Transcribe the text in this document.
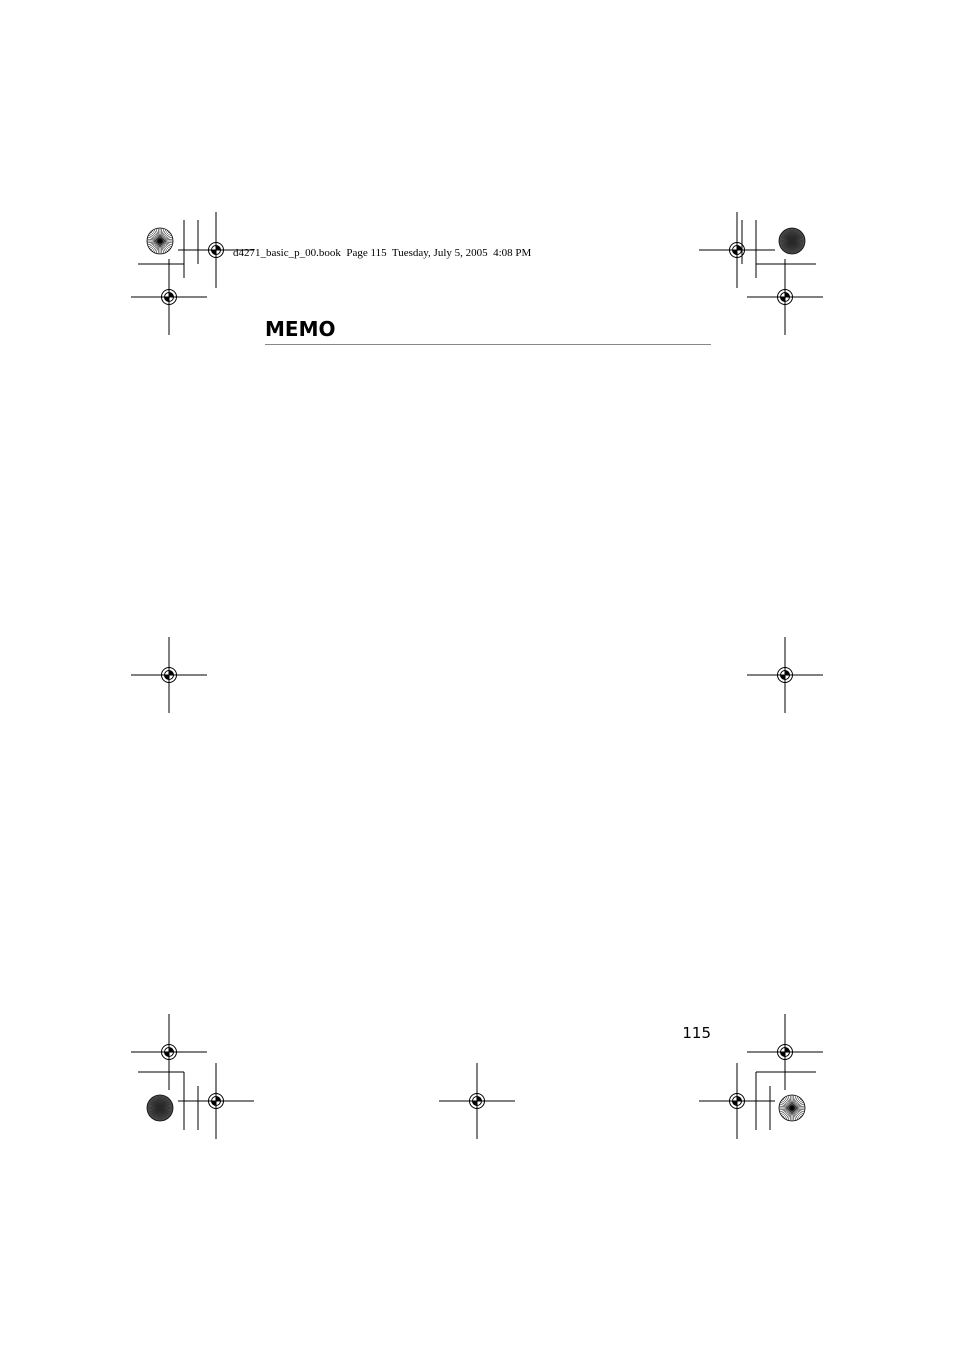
d4271_basic_p_00.book  Page 115  Tuesday, July 5, 2005  4:08 PM
MEMO
115
